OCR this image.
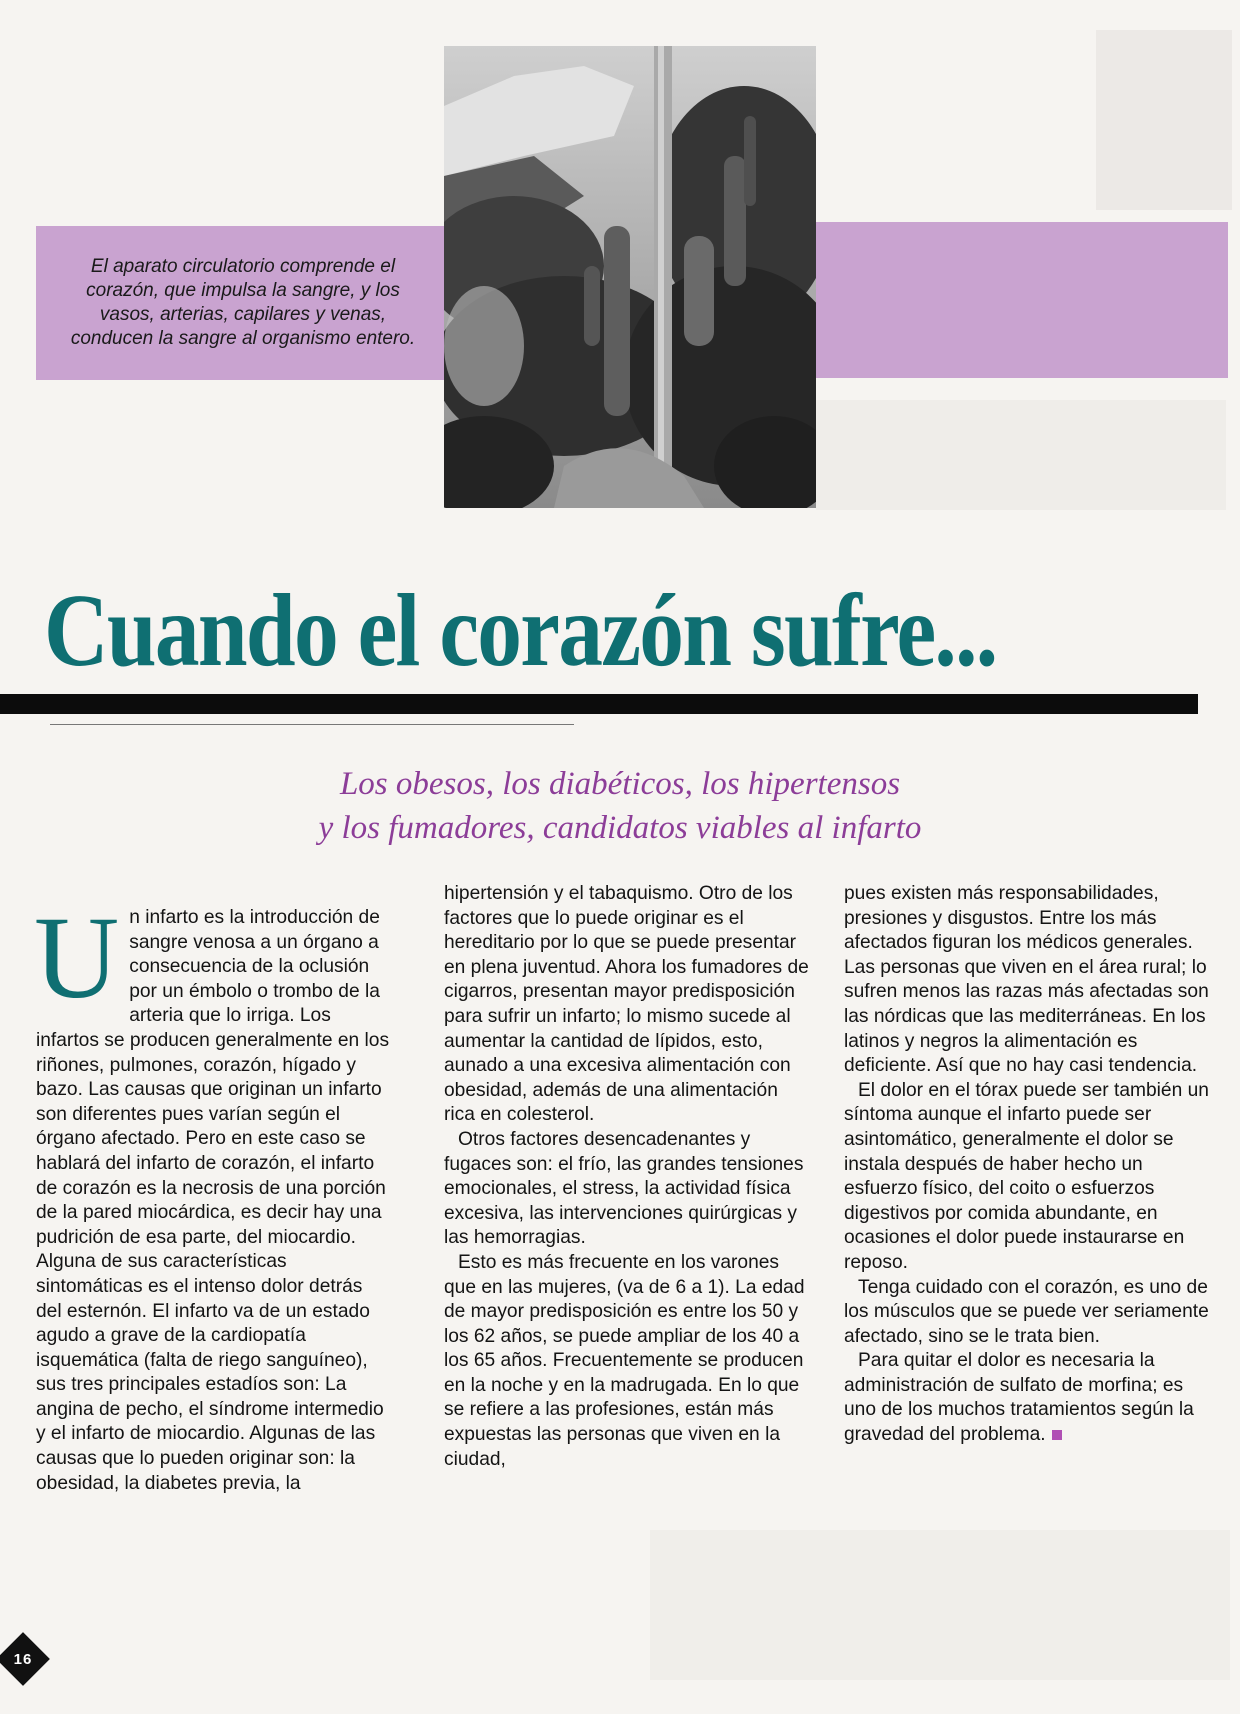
El aparato circulatorio comprende el corazón, que impulsa la sangre, y los vasos, arterias, capilares y venas, conducen la sangre al organismo entero.

Cuando el corazón sufre...

Los obesos, los diabéticos, los hipertensos
y los fumadores, candidatos viables al infarto

U n infarto es la introducción de sangre venosa a un órgano a consecuencia de la oclusión por un émbolo o trombo de la arteria que lo irriga. Los infartos se producen generalmente en los riñones, pulmones, corazón, hígado y bazo. Las causas que originan un infarto son diferentes pues varían según el órgano afectado. Pero en este caso se hablará del infarto de corazón, el infarto de corazón es la necrosis de una porción de la pared miocárdica, es decir hay una pudrición de esa parte, del miocardio. Alguna de sus características sintomáticas es el intenso dolor detrás del esternón. El infarto va de un estado agudo a grave de la cardiopatía isquemática (falta de riego sanguíneo), sus tres principales estadíos son: La angina de pecho, el síndrome intermedio y el infarto de miocardio. Algunas de las causas que lo pueden originar son: la obesidad, la diabetes previa, la

hipertensión y el tabaquismo. Otro de los factores que lo puede originar es el hereditario por lo que se puede presentar en plena juventud. Ahora los fumadores de cigarros, presentan mayor predisposición para sufrir un infarto; lo mismo sucede al aumentar la cantidad de lípidos, esto, aunado a una excesiva alimentación con obesidad, además de una alimentación rica en colesterol.

Otros factores desencadenantes y fugaces son: el frío, las grandes tensiones emocionales, el stress, la actividad física excesiva, las intervenciones quirúrgicas y las hemorragias.

Esto es más frecuente en los varones que en las mujeres, (va de 6 a 1). La edad de mayor predisposición es entre los 50 y los 62 años, se puede ampliar de los 40 a los 65 años. Frecuentemente se producen en la noche y en la madrugada. En lo que se refiere a las profesiones, están más expuestas las personas que viven en la ciudad,

pues existen más responsabilidades, presiones y disgustos. Entre los más afectados figuran los médicos generales. Las personas que viven en el área rural; lo sufren menos las razas más afectadas son las nórdicas que las mediterráneas. En los latinos y negros la alimentación es deficiente. Así que no hay casi tendencia.

El dolor en el tórax puede ser también un síntoma aunque el infarto puede ser asintomático, generalmente el dolor se instala después de haber hecho un esfuerzo físico, del coito o esfuerzos digestivos por comida abundante, en ocasiones el dolor puede instaurarse en reposo.

Tenga cuidado con el corazón, es uno de los músculos que se puede ver seriamente afectado, sino se le trata bien.

Para quitar el dolor es necesaria la administración de sulfato de morfina; es uno de los muchos tratamientos según la gravedad del problema.

16
